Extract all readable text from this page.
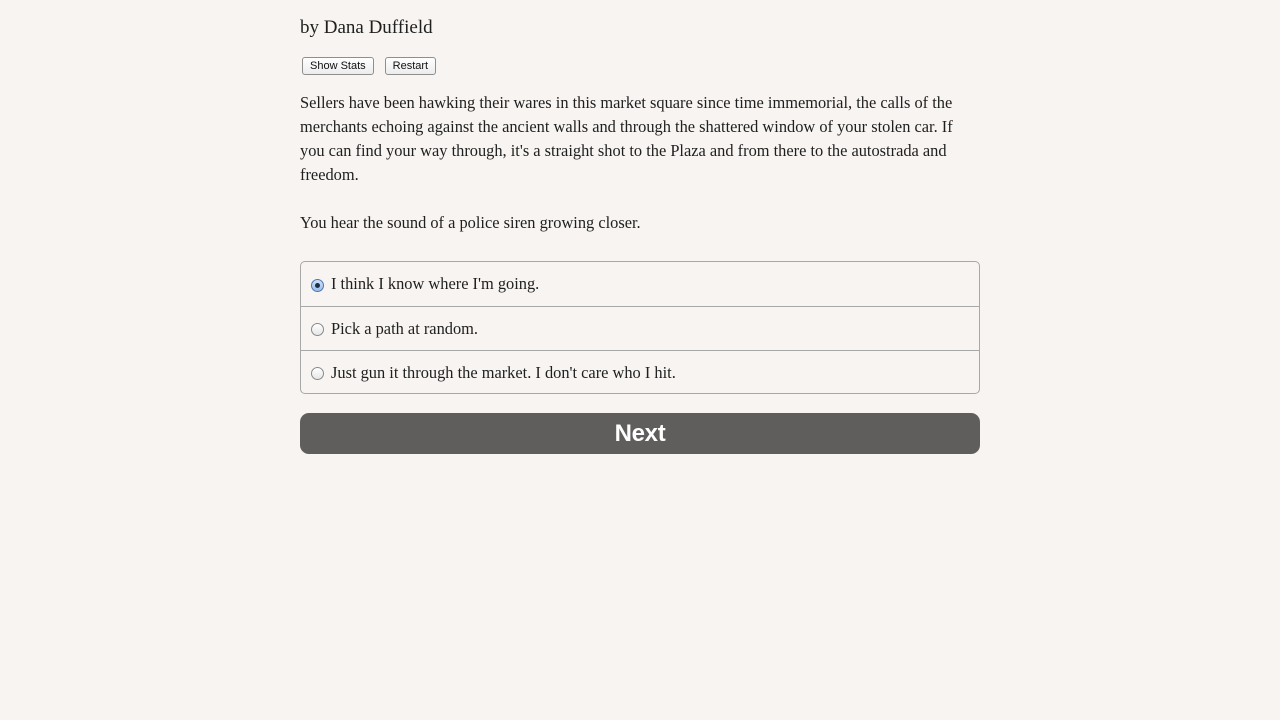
by Dana Duffield
Show Stats	Restart

Sellers have been hawking their wares in this market square since time immemorial, the calls of the merchants echoing against the ancient walls and through the shattered window of your stolen car. If you can find your way through, it's a straight shot to the Plaza and from there to the autostrada and freedom.

You hear the sound of a police siren growing closer.

I think I know where I'm going.
Pick a path at random.
Just gun it through the market. I don't care who I hit.
Next
